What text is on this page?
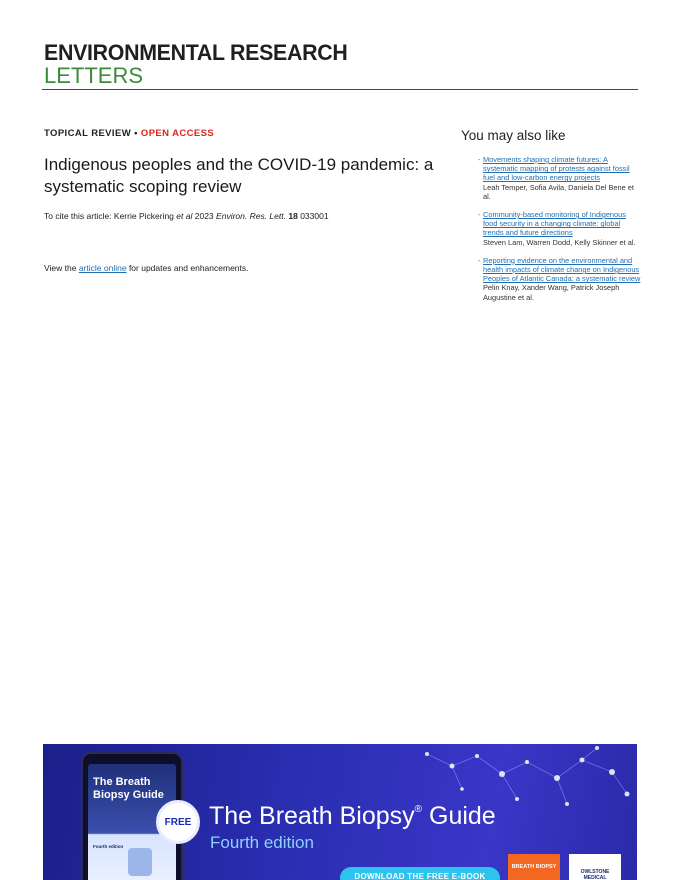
ENVIRONMENTAL RESEARCH
LETTERS
TOPICAL REVIEW • OPEN ACCESS
Indigenous peoples and the COVID-19 pandemic: a systematic scoping review
To cite this article: Kerrie Pickering et al 2023 Environ. Res. Lett. 18 033001
View the article online for updates and enhancements.
You may also like
- Movements shaping climate futures: A systematic mapping of protests against fossil fuel and low-carbon energy projects
Leah Temper, Sofia Avila, Daniela Del Bene et al.
- Community-based monitoring of Indigenous food security in a changing climate: global trends and future directions
Steven Lam, Warren Dodd, Kelly Skinner et al.
- Reporting evidence on the environmental and health impacts of climate change on Indigenous Peoples of Atlantic Canada: a systematic review
Pelin Knay, Xander Wang, Patrick Joseph Augustine et al.
The Breath Biopsy Guide
Fourth edition
FREE The Breath Biopsy® Guide
Fourth edition
DOWNLOAD THE FREE E-BOOK
BREATH BIOPSY
OWLSTONE MEDICAL
